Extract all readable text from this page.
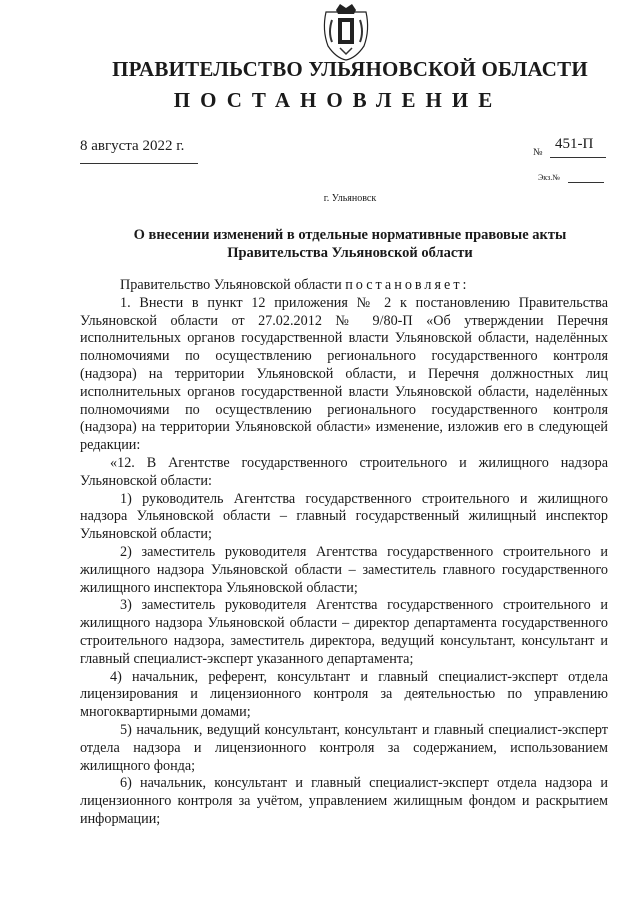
ПРАВИТЕЛЬСТВО УЛЬЯНОВСКОЙ ОБЛАСТИ
ПОСТАНОВЛЕНИЕ
8 августа 2022 г.	№
451-П
Экз.№
г. Ульяновск
О внесении изменений в отдельные нормативные правовые акты
Правительства Ульяновской области

Правительство Ульяновской области постановляет:

1. Внести в пункт 12 приложения № 2 к постановлению Правительства Ульяновской области от 27.02.2012 № 9/80-П «Об утверждении Перечня исполнительных органов государственной власти Ульяновской области, наделённых полномочиями по осуществлению регионального государственного контроля (надзора) на территории Ульяновской области, и Перечня должностных лиц исполнительных органов государственной власти Ульяновской области, наделённых полномочиями по осуществлению регионального государственного контроля (надзора) на территории Ульяновской области» изменение, изложив его в следующей редакции:

«12. В Агентстве государственного строительного и жилищного надзора Ульяновской области:

1) руководитель Агентства государственного строительного и жилищного надзора Ульяновской области – главный государственный жилищный инспектор Ульяновской области;

2) заместитель руководителя Агентства государственного строительного и жилищного надзора Ульяновской области – заместитель главного государственного жилищного инспектора Ульяновской области;

3) заместитель руководителя Агентства государственного строительного и жилищного надзора Ульяновской области – директор департамента государственного строительного надзора, заместитель директора, ведущий консультант, консультант и главный специалист-эксперт указанного департамента;

4) начальник, референт, консультант и главный специалист-эксперт отдела лицензирования и лицензионного контроля за деятельностью по управлению многоквартирными домами;

5) начальник, ведущий консультант, консультант и главный специалист-эксперт отдела надзора и лицензионного контроля за содержанием, использованием жилищного фонда;

6) начальник, консультант и главный специалист-эксперт отдела надзора и лицензионного контроля за учётом, управлением жилищным фондом и раскрытием информации;
